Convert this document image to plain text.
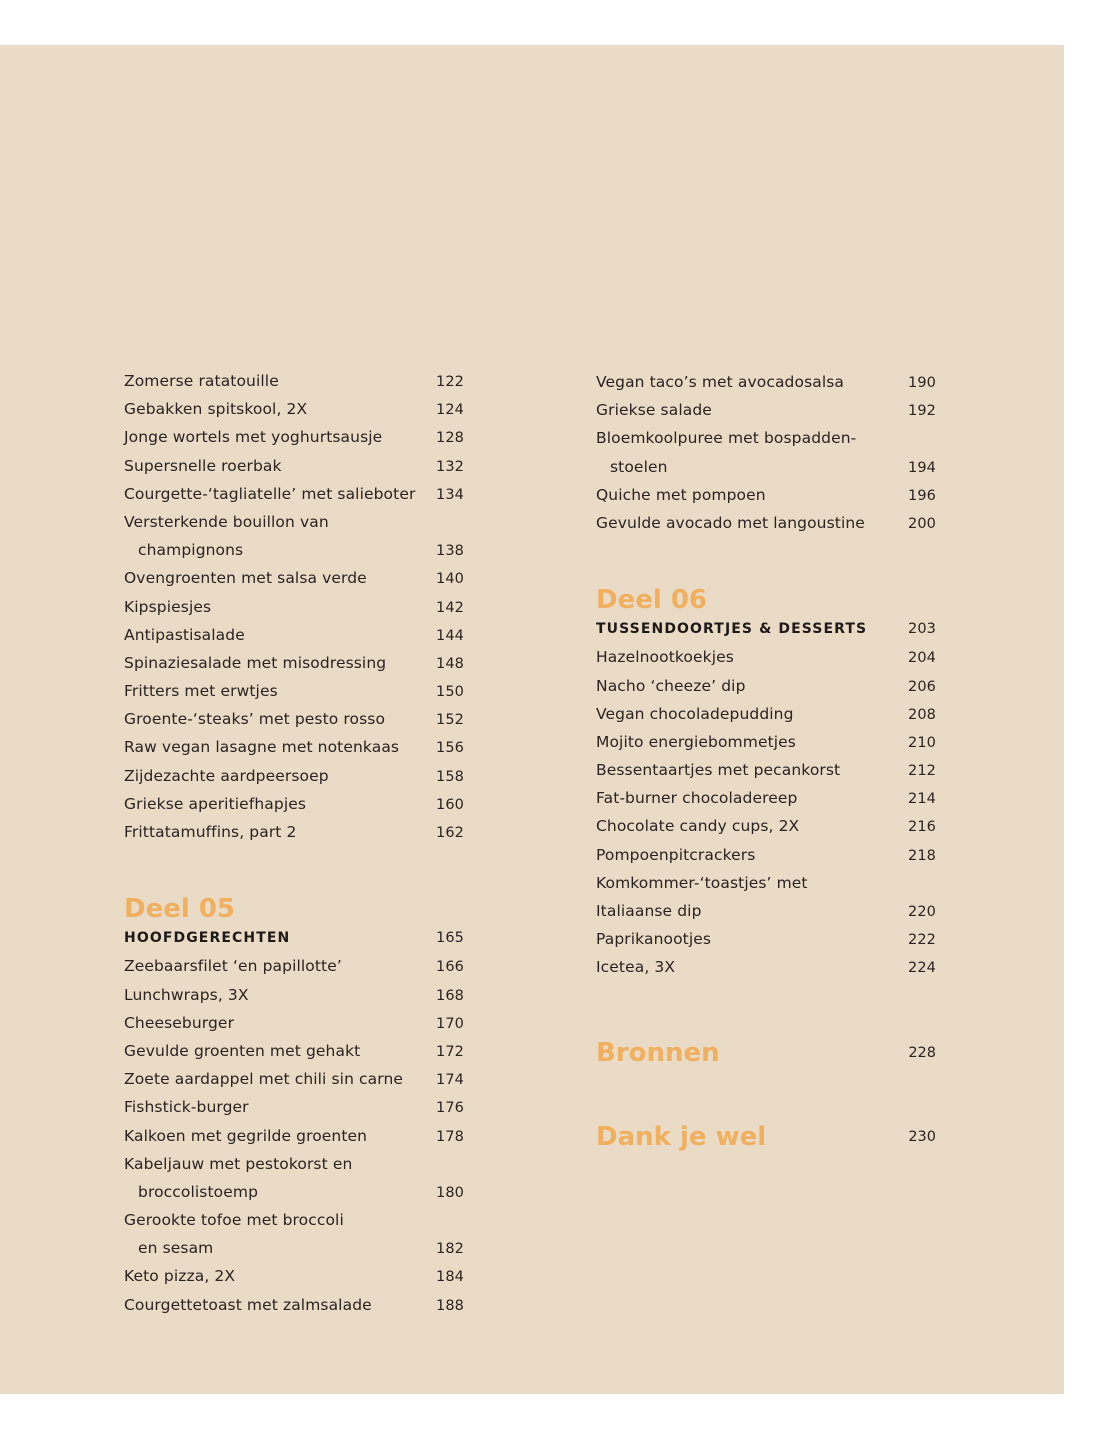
Zomerse ratatouille	122
Gebakken spitskool, 2X	124
Jonge wortels met yoghurtsausje	128
Supersnelle roerbak	132
Courgette-‘tagliatelle’ met salieboter 134
Versterkende bouillon van
champignons	138
Ovengroenten met salsa verde	140
Kipspiesjes	142
Antipastisalade	144
Spinaziesalade met misodressing	148
Fritters met erwtjes	150
Groente-‘steaks’ met pesto rosso	152
Raw vegan lasagne met notenkaas	156
Zijdezachte aardpeersoep	158
Griekse aperitiefhapjes	160
Frittatamuffins, part 2	162
Deel 05
HOOFDGERECHTEN	165
Zeebaarsfilet ‘en papillotte’	166
Lunchwraps, 3X	168
Cheeseburger	170
Gevulde groenten met gehakt	172
Zoete aardappel met chili sin carne 174
Fishstick-burger	176
Kalkoen met gegrilde groenten	178
Kabeljauw met pestokorst en
broccolistoemp	180
Gerookte tofoe met broccoli
en sesam	182
Keto pizza, 2X	184
Courgettetoast met zalmsalade	188
Vegan taco’s met avocadosalsa	190
Griekse salade	192
Bloemkoolpuree met bospadden-
stoelen	194
Quiche met pompoen	196
Gevulde avocado met langoustine	200
Deel 06
TUSSENDOORTJES & DESSERTS	203
Hazelnootkoekjes	204
Nacho ‘cheeze’ dip	206
Vegan chocoladepudding	208
Mojito energiebommetjes	210
Bessentaartjes met pecankorst	212
Fat-burner chocoladereep	214
Chocolate candy cups, 2X	216
Pompoenpitcrackers	218
Komkommer-‘toastjes’ met
Italiaanse dip	220
Paprikanootjes	222
Icetea, 3X	224
Bronnen	228
Dank je wel	230
